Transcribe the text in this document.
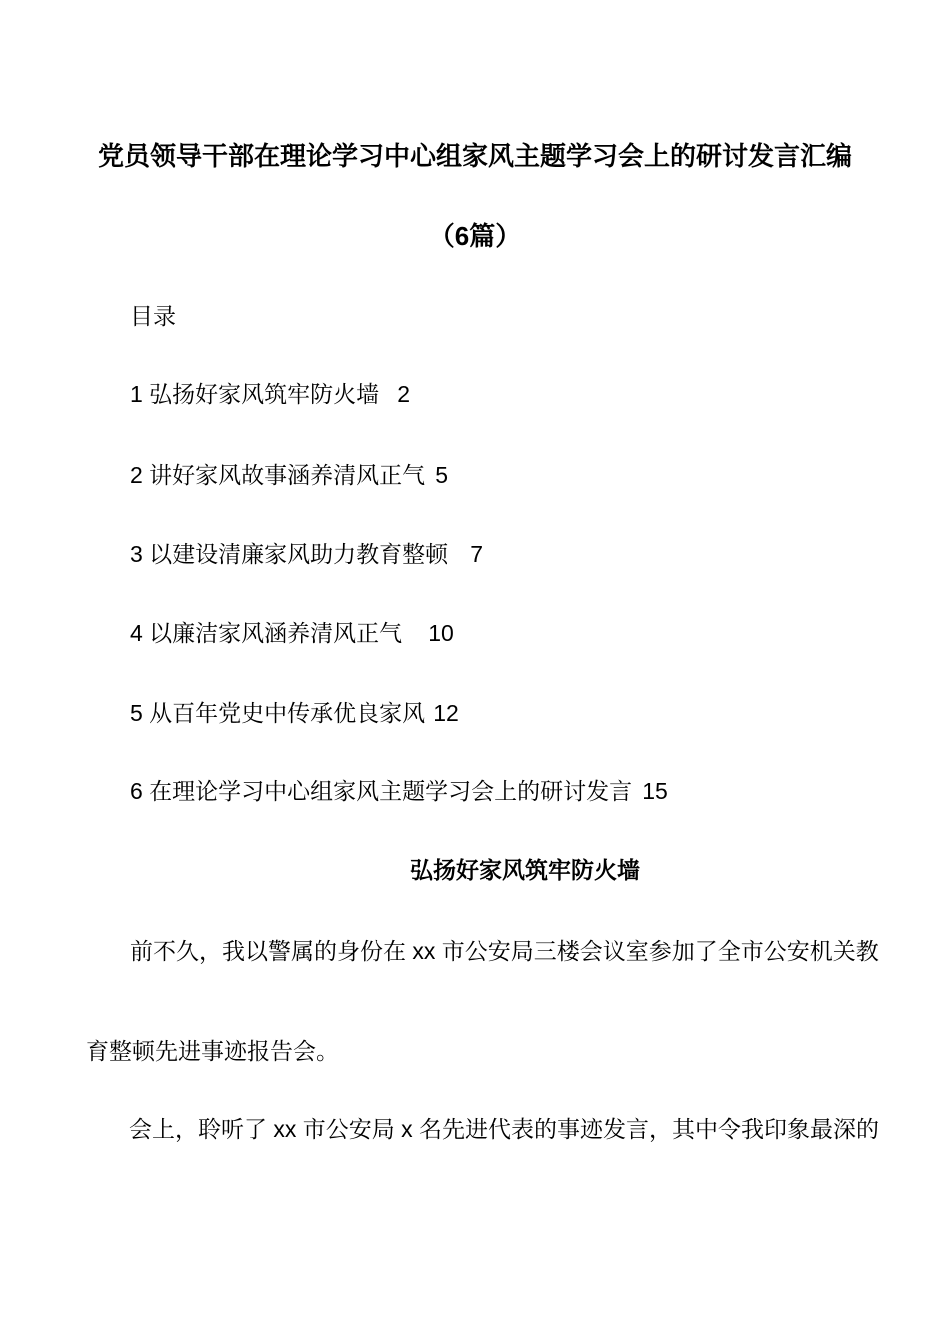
党员领导干部在理论学习中心组家风主题学习会上的研讨发言汇编
（6篇）
目录
1 弘扬好家风筑牢防火墙 2
2 讲好家风故事涵养清风正气 5
3 以建设清廉家风助力教育整顿 7
4 以廉洁家风涵养清风正气 10
5 从百年党史中传承优良家风 12
6 在理论学习中心组家风主题学习会上的研讨发言 15
弘扬好家风筑牢防火墙
前不久，我以警属的身份在 xx 市公安局三楼会议室参加了全市公安机关教
育整顿先进事迹报告会。
会上，聆听了 xx 市公安局 x 名先进代表的事迹发言，其中令我印象最深的
